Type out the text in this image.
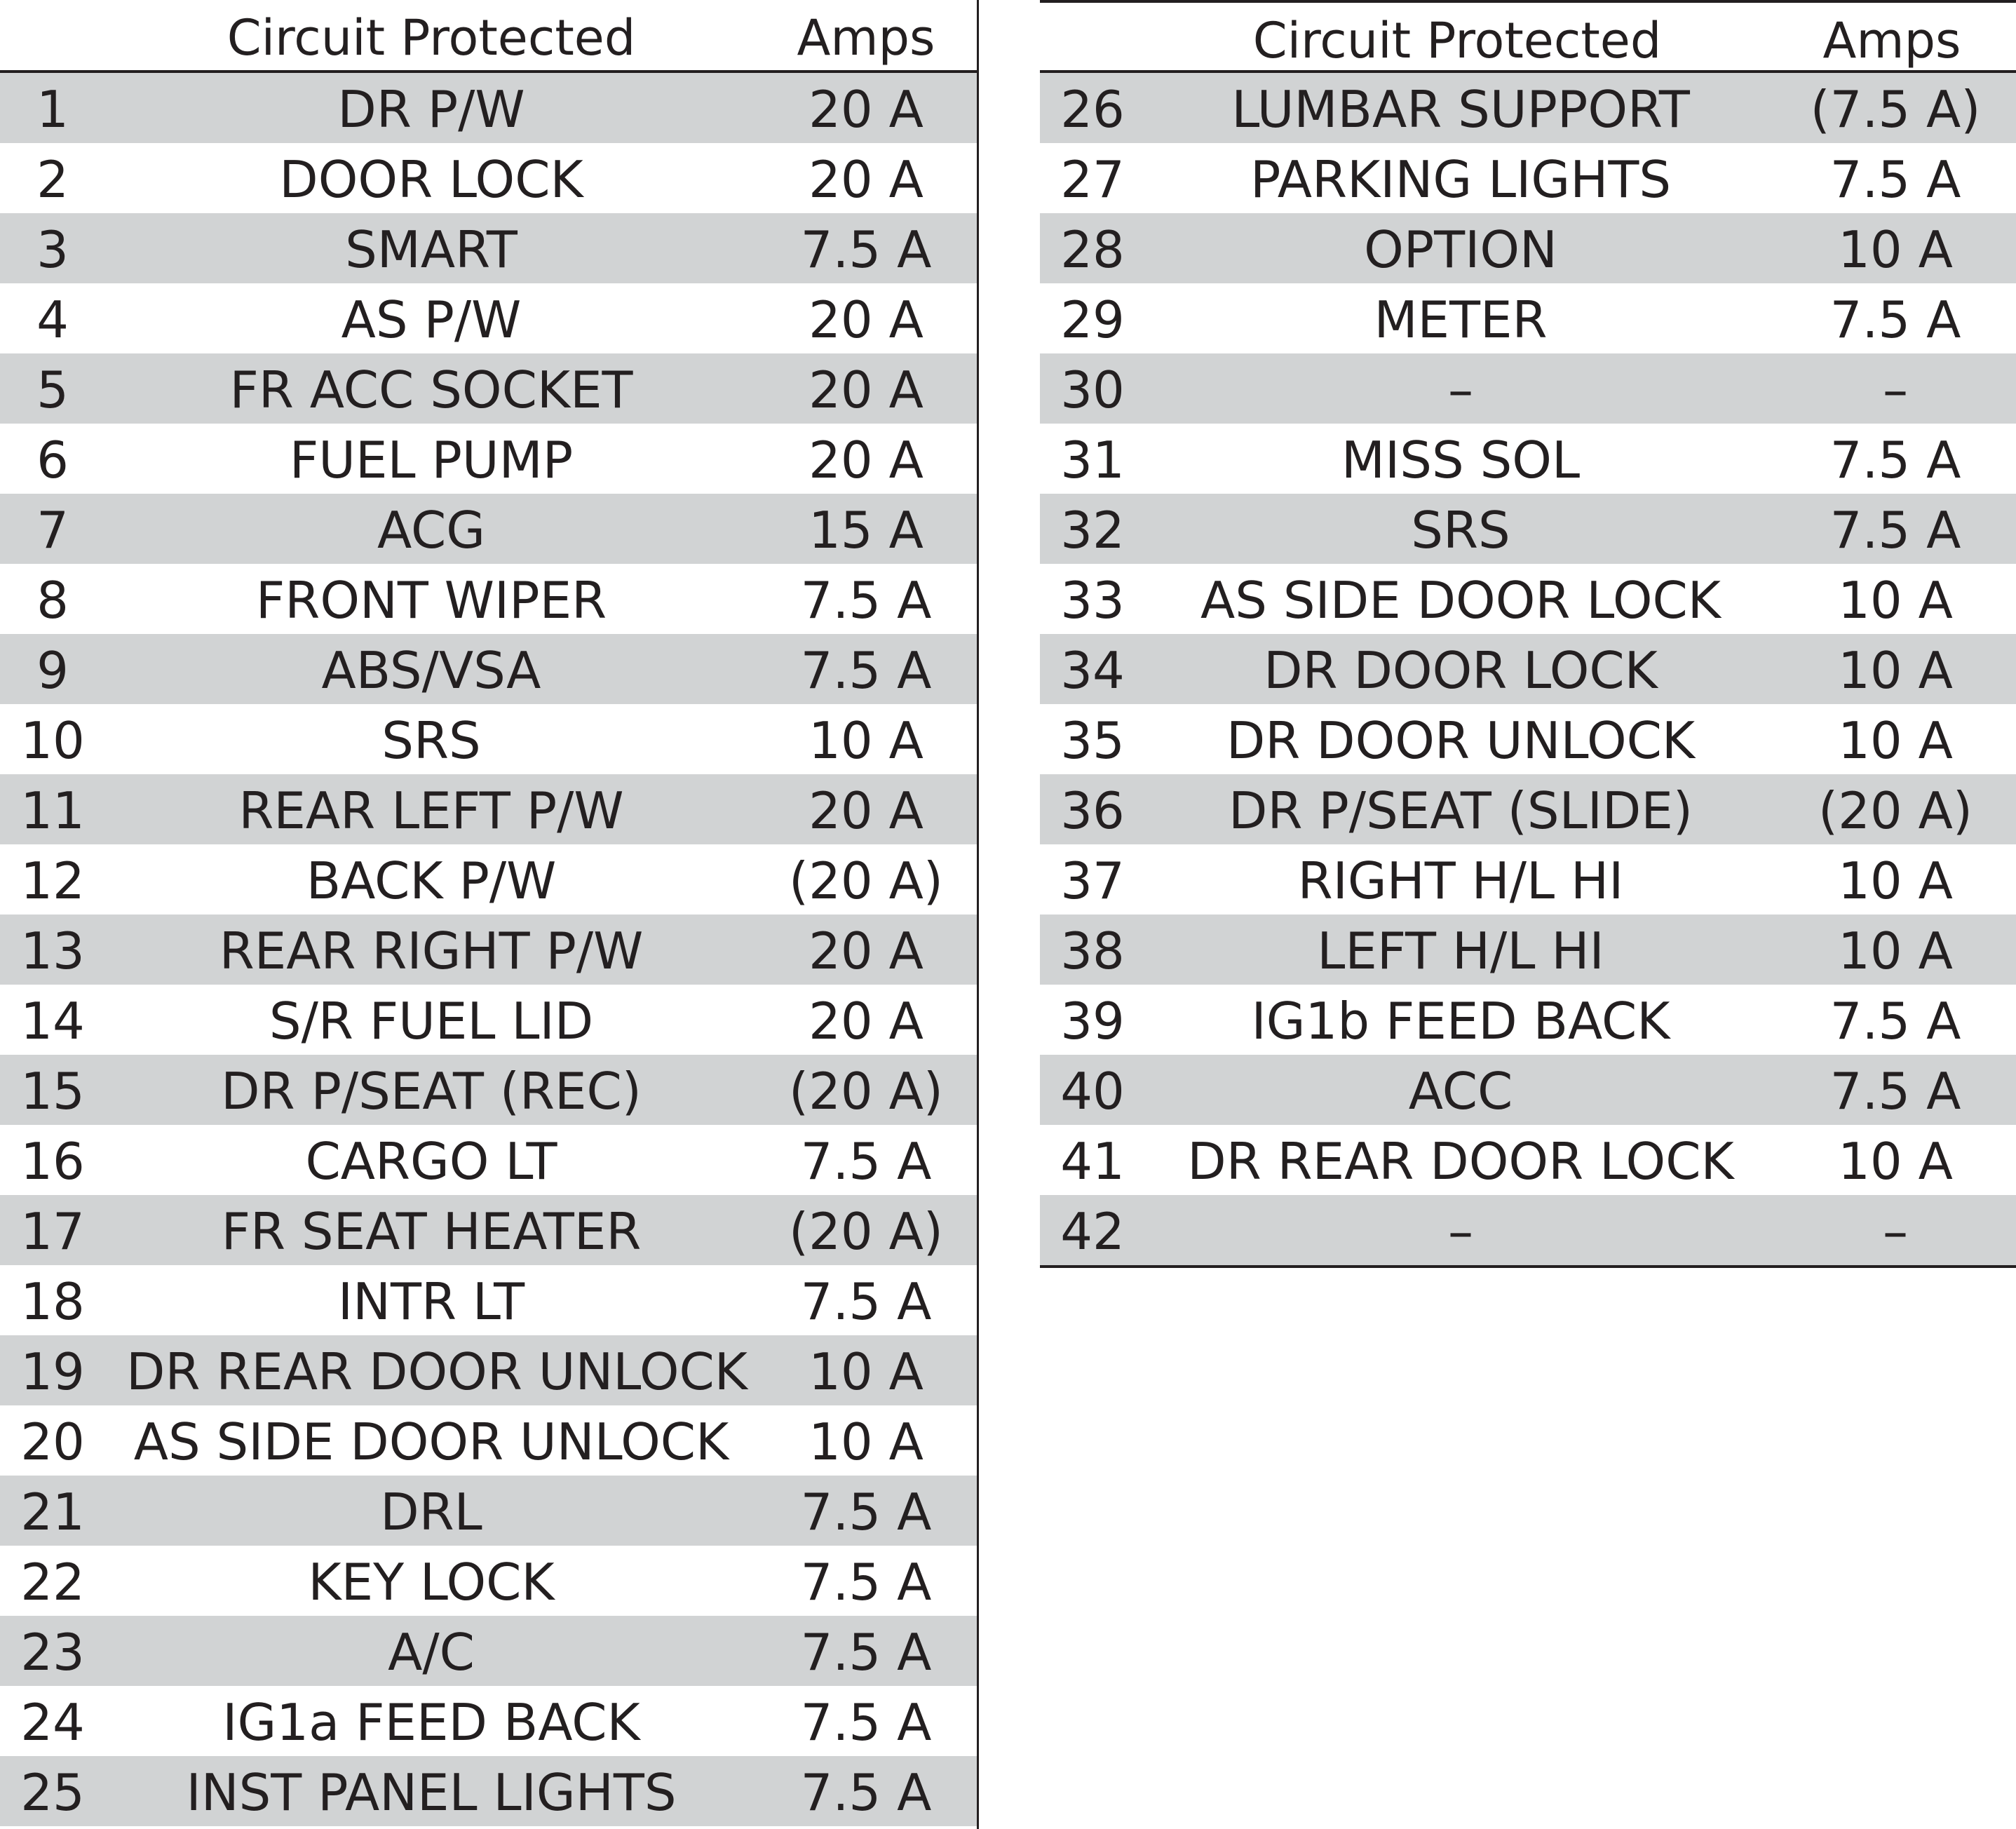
Circuit Protected	Amps
1	DR P/W	20 A
2	DOOR LOCK	20 A
3	SMART	7.5 A
4	AS P/W	20 A
5	FR ACC SOCKET	20 A
6	FUEL PUMP	20 A
7	ACG	15 A
8	FRONT WIPER	7.5 A
9	ABS/VSA	7.5 A
10	SRS	10 A
11	REAR LEFT P/W	20 A
12	BACK P/W	(20 A)
13	REAR RIGHT P/W	20 A
14	S/R FUEL LID	20 A
15	DR P/SEAT (REC)	(20 A)
16	CARGO LT	7.5 A
17	FR SEAT HEATER	(20 A)
18	INTR LT	7.5 A
19 DR REAR DOOR UNLOCK	10 A
20 AS SIDE DOOR UNLOCK	10 A
21	DRL	7.5 A
22	KEY LOCK	7.5 A
23	A/C	7.5 A
24	IG1a FEED BACK	7.5 A
25	INST PANEL LIGHTS	7.5 A
Circuit Protected	Amps
26	LUMBAR SUPPORT	(7.5 A)
27	PARKING LIGHTS	7.5 A
28	OPTION	10 A
29	METER	7.5 A
30	–	–
31	MISS SOL	7.5 A
32	SRS	7.5 A
33	AS SIDE DOOR LOCK	10 A
34	DR DOOR LOCK	10 A
35	DR DOOR UNLOCK	10 A
36	DR P/SEAT (SLIDE)	(20 A)
37	RIGHT H/L HI	10 A
38	LEFT H/L HI	10 A
39	IG1b FEED BACK	7.5 A
40	ACC	7.5 A
41	DR REAR DOOR LOCK	10 A
42	–	–
